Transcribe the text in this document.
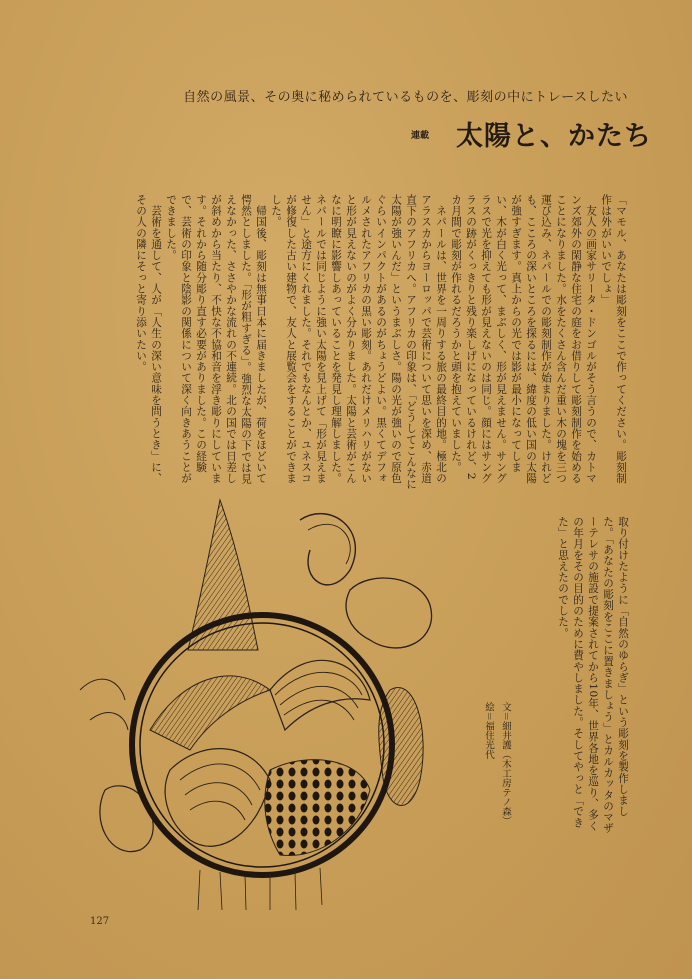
自然の風景、その奥に秘められているものを、彫刻の中にトレースしたい
連載 太陽と、かたち

「マモル、あなたは彫刻をここで作ってください。彫刻制作は外がいいでしょ」
　友人の画家サリータ・ドンゴルがそう言うので、カトマンズ郊外の閑静な住宅の庭をお借りして彫刻制作を始めることになりました。水をたくさん含んだ重い木の塊を三つ運び込み、ネパールでの彫刻制作が始まりました。けれども、こころの深いところを探るには、緯度の低い国の太陽が強すぎます。真上からの光では影が最小になってしまい、木が白く光って、まぶしく、形が見えません。サングラスで光を抑えても形が見えないのは同じ。顔にはサングラスの跡がくっきりと残り楽しげになっているけれど、2カ月間で彫刻が作れるだろうかと頭を抱えていました。
　ネパールは、世界を一周りする旅の最終目的地。極北のアラスカからヨーロッパで芸術について思いを深め、赤道直下のアフリカへ。アフリカの印象は、「どうしてこんなに太陽が強いんだ」というまぶしさ。陽の光が強いので原色ぐらいインパクトがあるのがちょうどよい。黒くてデフォルメされたアフリカの黒い彫刻。あれだけメリハリがないと形が見えないのがよく分かりました。太陽と芸術がこんなに明瞭に影響しあっていることを発見し理解しました。ネパールでは同じように強い太陽を見上げて「形が見えません」と途方にくれました。それでもなんとか、ユネスコが修復した古い建物で、友人と展覧会をすることができました。
　帰国後、彫刻は無事日本に届きましたが、荷をほどいて愕然としました。「形が粗すぎる」。強烈な太陽の下では見えなかった、ささやかな流れの不連続。北の国では日差しが斜めから当たり、不快な不協和音を浮き彫りにしています。それから随分彫り直す必要がありました。この経験で、芸術の印象と陰影の関係について深く向きあうことができました。
　芸術を通して、人が「人生の深い意味を問うとき」に、その人の隣にそっと寄り添いたい。

取り付けたように「自然のゆらぎ」という彫刻を製作しました。「あなたの彫刻をここに置きましょう」とカルカッタのマザーテレサの施設で提案されてから10年、世界各地を巡り、多くの年月をその目的のために費やしました。そしてやっと「できた」と思えたのでした。

文＝細井護（木工房テノ森）
絵＝福住光代
127
